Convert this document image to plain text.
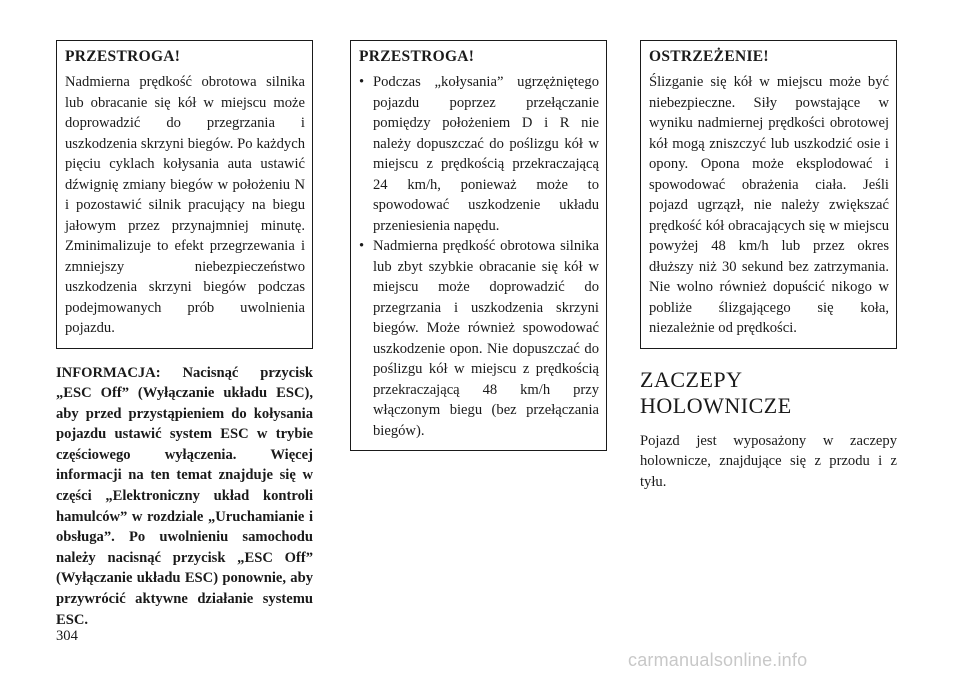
PRZESTROGA!

Nadmierna prędkość obrotowa silnika lub obracanie się kół w miejscu może doprowadzić do przegrzania i uszkodzenia skrzyni biegów. Po każdych pięciu cyklach kołysania auta ustawić dźwignię zmiany biegów w położeniu N i pozostawić silnik pracujący na biegu jałowym przez przynajmniej minutę. Zminimalizuje to efekt przegrzewania i zmniejszy niebezpieczeństwo uszkodzenia skrzyni biegów podczas podejmowanych prób uwolnienia pojazdu.

INFORMACJA: Nacisnąć przycisk „ESC Off” (Wyłączanie układu ESC), aby przed przystąpieniem do kołysania pojazdu ustawić system ESC w trybie częściowego wyłączenia. Więcej informacji na ten temat znajduje się w części „Elektroniczny układ kontroli hamulców” w rozdziale „Uruchamianie i obsługa”. Po uwolnieniu samochodu należy nacisnąć przycisk „ESC Off” (Wyłączanie układu ESC) ponownie, aby przywrócić aktywne działanie systemu ESC.

PRZESTROGA!
• Podczas „kołysania” ugrzężniętego pojazdu poprzez przełączanie pomiędzy położeniem D i R nie należy dopuszczać do poślizgu kół w miejscu z prędkością przekraczającą 24 km/h, ponieważ może to spowodować uszkodzenie układu przeniesienia napędu.
• Nadmierna prędkość obrotowa silnika lub zbyt szybkie obracanie się kół w miejscu może doprowadzić do przegrzania i uszkodzenia skrzyni biegów. Może również spowodować uszkodzenie opon. Nie dopuszczać do poślizgu kół w miejscu z prędkością przekraczającą 48 km/h przy włączonym biegu (bez przełączania biegów).
OSTRZEŻENIE!

Ślizganie się kół w miejscu może być niebezpieczne. Siły powstające w wyniku nadmiernej prędkości obrotowej kół mogą zniszczyć lub uszkodzić osie i opony. Opona może eksplodować i spowodować obrażenia ciała. Jeśli pojazd ugrzązł, nie należy zwiększać prędkość kół obracających się w miejscu powyżej 48 km/h lub przez okres dłuższy niż 30 sekund bez zatrzymania. Nie wolno również dopuścić nikogo w pobliże ślizgającego się koła, niezależnie od prędkości.

ZACZEPY
HOLOWNICZE

Pojazd jest wyposażony w zaczepy holownicze, znajdujące się z przodu i z tyłu.

304
carmanualsonline.info
